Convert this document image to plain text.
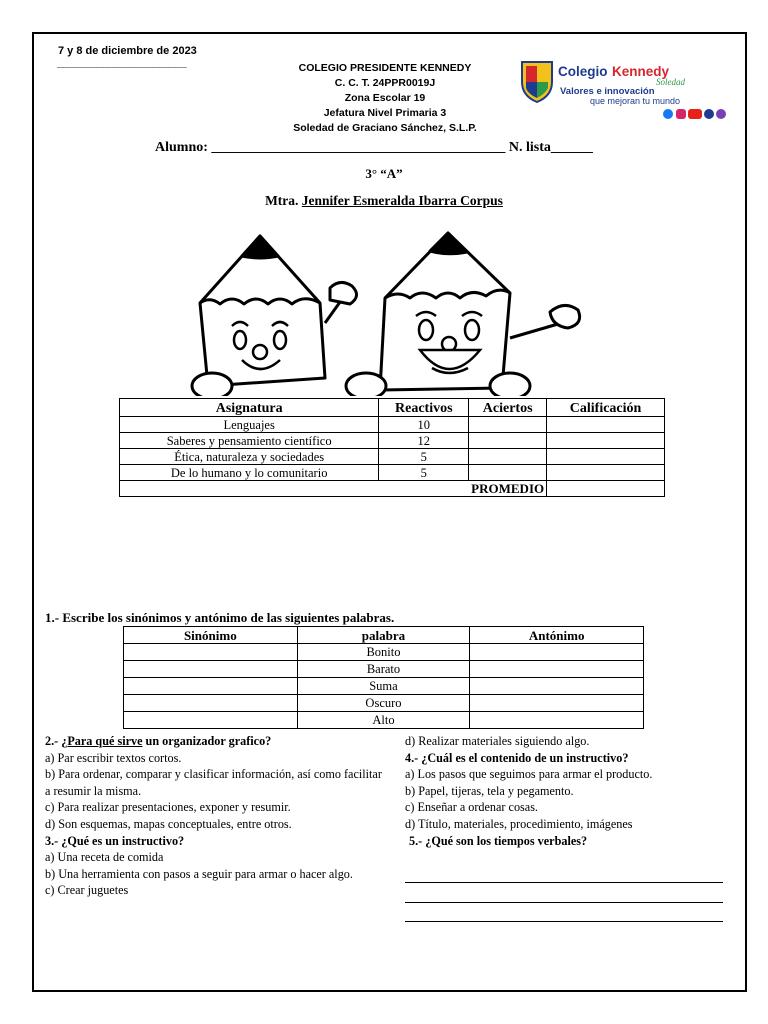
7 y 8 de diciembre de 2023
_______________________	COLEGIO PRESIDENTE KENNEDY
C. C. T. 24PPR0019J
Zona Escolar 19
Jefatura Nivel Primaria 3
Soledad de Graciano Sánchez, S.L.P.
Colegio Kennedy
Soledad
Valores e innovación
que mejoran tu mundo
Alumno: __________________________________________ N. lista______
3° “A”
Mtra. Jennifer Esmeralda Ibarra Corpus
Asignatura	Reactivos	Aciertos	Calificación
Lenguajes	10		
Saberes y pensamiento científico	12		
Ética, naturaleza y sociedades	5		
De lo humano y lo comunitario	5		
PROMEDIO			
1.- Escribe los sinónimos y antónimo de las siguientes palabras.
Sinónimo	palabra	Antónimo
	Bonito	
	Barato	
	Suma	
	Oscuro	
	Alto	
2.- ¿Para qué sirve un organizador grafico?
a) Par escribir textos cortos.
b) Para ordenar, comparar y clasificar información, así como facilitar a resumir la misma.
c) Para realizar presentaciones, exponer y resumir.
d) Son esquemas, mapas conceptuales, entre otros.
3.- ¿Qué es un instructivo?
a) Una receta de comida
b) Una herramienta con pasos a seguir para armar o hacer algo.
c) Crear juguetes
d) Realizar materiales siguiendo algo.
4.- ¿Cuál es el contenido de un instructivo?
a) Los pasos que seguimos para armar el producto.
b) Papel, tijeras, tela y pegamento.
c) Enseñar a ordenar cosas.
d) Título, materiales, procedimiento, imágenes
5.- ¿Qué son los tiempos verbales?
